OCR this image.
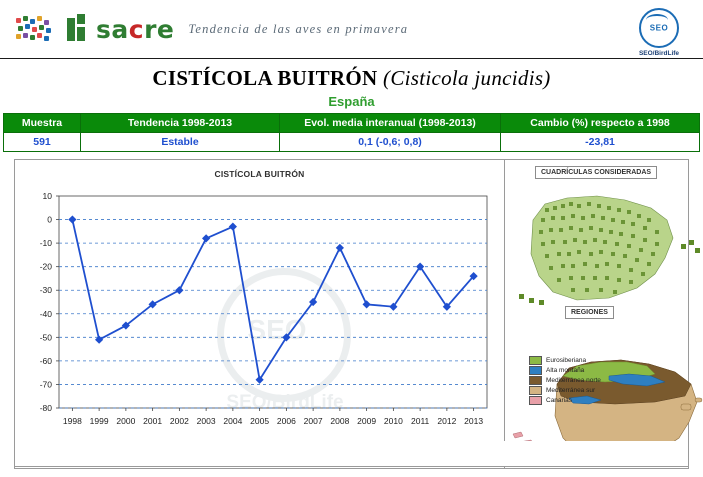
sacre Tendencia de las aves en primavera	SEO
SEO/BirdLife
CISTÍCOLA BUITRÓN (Cisticola juncidis)
España
Muestra	Tendencia 1998-2013	Evol. media interanual (1998-2013)	Cambio (%) respecto a 1998
591	Estable	0,1 (-0,6; 0,8)	-23,81
CISTÍCOLA BUITRÓN
SEO
SEO/BirdLife
10
0
-10
-20
-30
-40
-50
-60
-70
-80
1998 1999 2000 2001 2002 2003 2004 2005 2006 2007 2008 2009 2010 2011 2012 2013
CUADRÍCULAS CONSIDERADAS
REGIONES
Eurosiberiana
Alta montaña
Mediterránea norte
Mediterránea sur
Canarias
